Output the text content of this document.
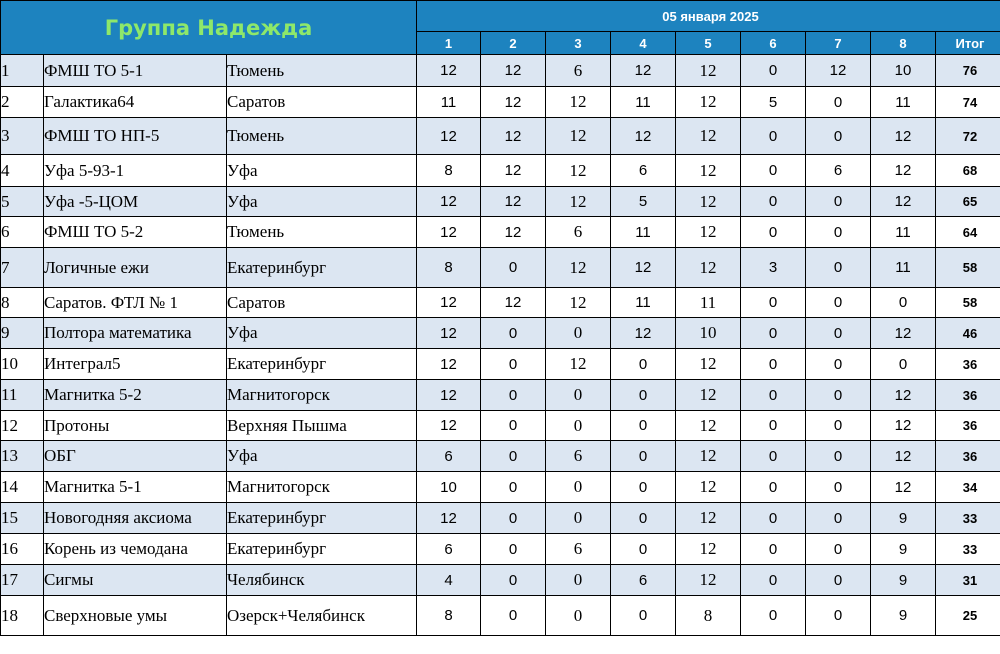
Группа Надежда			05 января 2025								
			1	2	3	4	5	6	7	8	Итог
1	ФМШ ТО 5-1	Тюмень	12	12	6	12	12	0	12	10	76
2	Галактика64	Саратов	11	12	12	11	12	5	0	11	74
3	ФМШ ТО НП-5	Тюмень	12	12	12	12	12	0	0	12	72
4	Уфа 5-93-1	Уфа	8	12	12	6	12	0	6	12	68
5	Уфа -5-ЦОМ	Уфа	12	12	12	5	12	0	0	12	65
6	ФМШ ТО 5-2	Тюмень	12	12	6	11	12	0	0	11	64
7	Логичные ежи	Екатеринбург	8	0	12	12	12	3	0	11	58
8	Саратов. ФТЛ № 1	Саратов	12	12	12	11	11	0	0	0	58
9	Полтора математика	Уфа	12	0	0	12	10	0	0	12	46
10	Интеграл5	Екатеринбург	12	0	12	0	12	0	0	0	36
11	Магнитка 5-2	Магнитогорск	12	0	0	0	12	0	0	12	36
12	Протоны	Верхняя Пышма	12	0	0	0	12	0	0	12	36
13	ОБГ	Уфа	6	0	6	0	12	0	0	12	36
14	Магнитка 5-1	Магнитогорск	10	0	0	0	12	0	0	12	34
15	Новогодняя аксиома	Екатеринбург	12	0	0	0	12	0	0	9	33
16	Корень из чемодана	Екатеринбург	6	0	6	0	12	0	0	9	33
17	Сигмы	Челябинск	4	0	0	6	12	0	0	9	31
18	Сверхновые умы	Озерск+Челябинск	8	0	0	0	8	0	0	9	25
